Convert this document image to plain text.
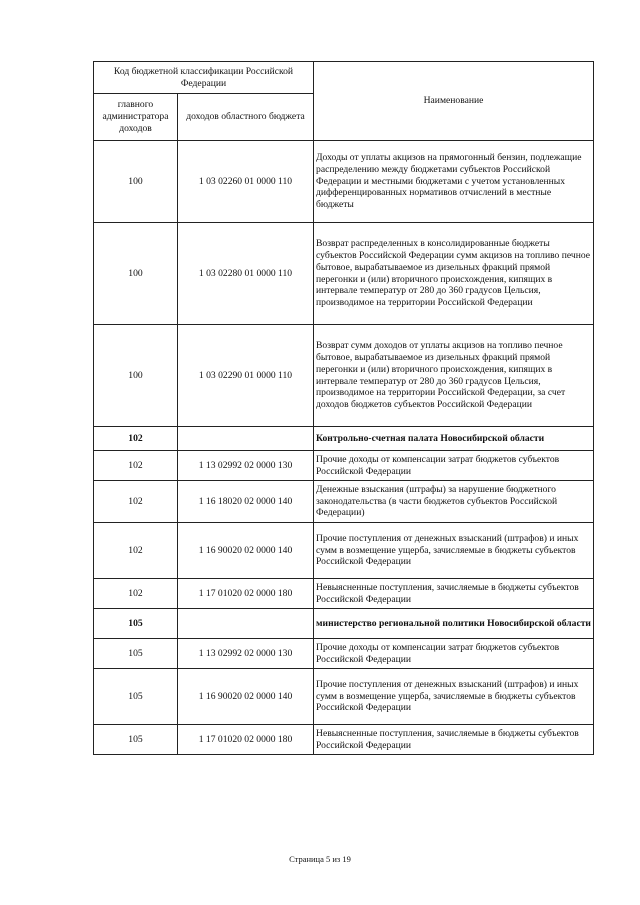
Код бюджетной классификации Российской Федерации		Наименование
главного администратора доходов	доходов областного бюджета	
100	1 03 02260 01 0000 110	Доходы от уплаты акцизов на прямогонный бензин, подлежащие распределению между бюджетами субъектов Российской Федерации и местными бюджетами с учетом установленных дифференцированных нормативов отчислений в местные бюджеты
100	1 03 02280 01 0000 110	Возврат распределенных в консолидированные бюджеты субъектов Российской Федерации сумм акцизов на топливо печное бытовое, вырабатываемое из дизельных фракций прямой перегонки и (или) вторичного происхождения, кипящих в интервале температур от 280 до 360 градусов Цельсия, производимое на территории Российской Федерации
100	1 03 02290 01 0000 110	Возврат сумм доходов от уплаты акцизов на топливо печное бытовое, вырабатываемое из дизельных фракций прямой перегонки и (или) вторичного происхождения, кипящих в интервале температур от 280 до 360 градусов Цельсия, производимое на территории Российской Федерации, за счет доходов бюджетов субъектов Российской Федерации
102		Контрольно-счетная палата Новосибирской области
102	1 13 02992 02 0000 130	Прочие доходы от компенсации затрат бюджетов субъектов Российской Федерации
102	1 16 18020 02 0000 140	Денежные взыскания (штрафы) за нарушение бюджетного законодательства (в части бюджетов субъектов Российской Федерации)
102	1 16 90020 02 0000 140	Прочие поступления от денежных взысканий (штрафов) и иных сумм в возмещение ущерба, зачисляемые в бюджеты субъектов Российской Федерации
102	1 17 01020 02 0000 180	Невыясненные поступления, зачисляемые в бюджеты субъектов Российской Федерации
105		министерство региональной политики Новосибирской области
105	1 13 02992 02 0000 130	Прочие доходы от компенсации затрат бюджетов субъектов Российской Федерации
105	1 16 90020 02 0000 140	Прочие поступления от денежных взысканий (штрафов) и иных сумм в возмещение ущерба, зачисляемые в бюджеты субъектов Российской Федерации
105	1 17 01020 02 0000 180	Невыясненные поступления, зачисляемые в бюджеты субъектов Российской Федерации
Страница 5 из 19
